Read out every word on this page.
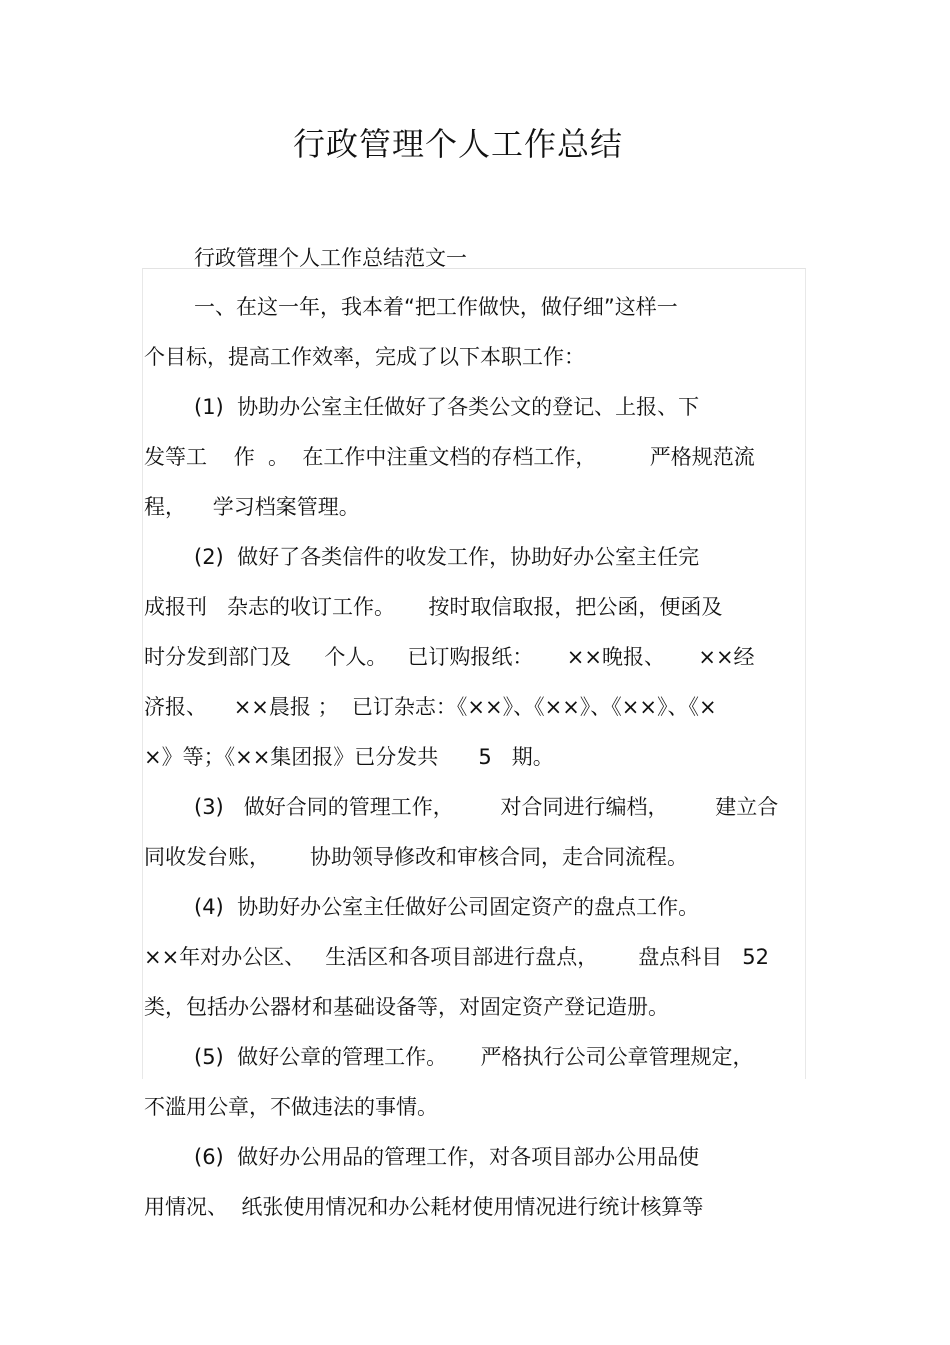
行政管理个人工作总结
行政管理个人工作总结范文一
一、在这一年，我本着“把工作做快，做仔细”这样一
个目标，提高工作效率，完成了以下本职工作：
(1)  协助办公室主任做好了各类公文的登记、上报、下
发等工    作  。  在工作中注重文档的存档工作，        严格规范流
程，    学习档案管理。
(2)  做好了各类信件的收发工作，协助好办公室主任完
成报刊   杂志的收订工作。     按时取信取报，把公函，便函及
时分发到部门及     个人。   已订购报纸：     ××晚报、     ××经
济报、    ××晨报 ；  已订杂志：《××》、《××》、《××》、《×
×》等；《××集团报》已分发共      5   期。
(3)   做好合同的管理工作，       对合同进行编档，       建立合
同收发台账，      协助领导修改和审核合同，走合同流程。
(4)  协助好办公室主任做好公司固定资产的盘点工作。
××年对办公区、   生活区和各项目部进行盘点，      盘点科目   52
类，包括办公器材和基础设备等，对固定资产登记造册。
(5)  做好公章的管理工作。     严格执行公司公章管理规定，
不滥用公章，不做违法的事情。
(6)  做好办公用品的管理工作，对各项目部办公用品使
用情况、  纸张使用情况和办公耗材使用情况进行统计核算等
